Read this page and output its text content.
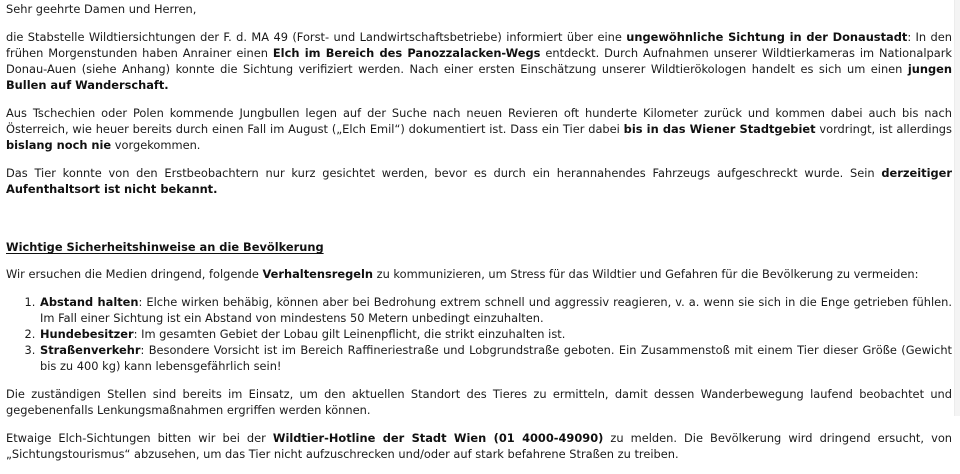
Sehr geehrte Damen und Herren,

die Stabstelle Wildtiersichtungen der F. d. MA 49 (Forst- und Landwirtschaftsbetriebe) informiert über eine ungewöhnliche Sichtung in der Donaustadt: In den frühen Morgenstunden haben Anrainer einen Elch im Bereich des Panozzalacken-Wegs entdeckt. Durch Aufnahmen unserer Wildtierkameras im Nationalpark Donau-Auen (siehe Anhang) konnte die Sichtung verifiziert werden. Nach einer ersten Einschätzung unserer Wildtierökologen handelt es sich um einen jungen Bullen auf Wanderschaft.

Aus Tschechien oder Polen kommende Jungbullen legen auf der Suche nach neuen Revieren oft hunderte Kilometer zurück und kommen dabei auch bis nach Österreich, wie heuer bereits durch einen Fall im August („Elch Emil“) dokumentiert ist. Dass ein Tier dabei bis in das Wiener Stadtgebiet vordringt, ist allerdings bislang noch nie vorgekommen.

Das Tier konnte von den Erstbeobachtern nur kurz gesichtet werden, bevor es durch ein herannahendes Fahrzeugs aufgeschreckt wurde. Sein derzeitiger Aufenthaltsort ist nicht bekannt.

Wichtige Sicherheitshinweise an die Bevölkerung

Wir ersuchen die Medien dringend, folgende Verhaltensregeln zu kommunizieren, um Stress für das Wildtier und Gefahren für die Bevölkerung zu vermeiden:

1. Abstand halten: Elche wirken behäbig, können aber bei Bedrohung extrem schnell und aggressiv reagieren, v. a. wenn sie sich in die Enge getrieben fühlen. Im Fall einer Sichtung ist ein Abstand von mindestens 50 Metern unbedingt einzuhalten.
2. Hundebesitzer: Im gesamten Gebiet der Lobau gilt Leinenpflicht, die strikt einzuhalten ist.
3. Straßenverkehr: Besondere Vorsicht ist im Bereich Raffineriestraße und Lobgrundstraße geboten. Ein Zusammenstoß mit einem Tier dieser Größe (Gewicht bis zu 400 kg) kann lebensgefährlich sein!

Die zuständigen Stellen sind bereits im Einsatz, um den aktuellen Standort des Tieres zu ermitteln, damit dessen Wanderbewegung laufend beobachtet und gegebenenfalls Lenkungsmaßnahmen ergriffen werden können.

Etwaige Elch-Sichtungen bitten wir bei der Wildtier-Hotline der Stadt Wien (01 4000-49090) zu melden. Die Bevölkerung wird dringend ersucht, von „Sichtungstourismus“ abzusehen, um das Tier nicht aufzuschrecken und/oder auf stark befahrene Straßen zu treiben.
